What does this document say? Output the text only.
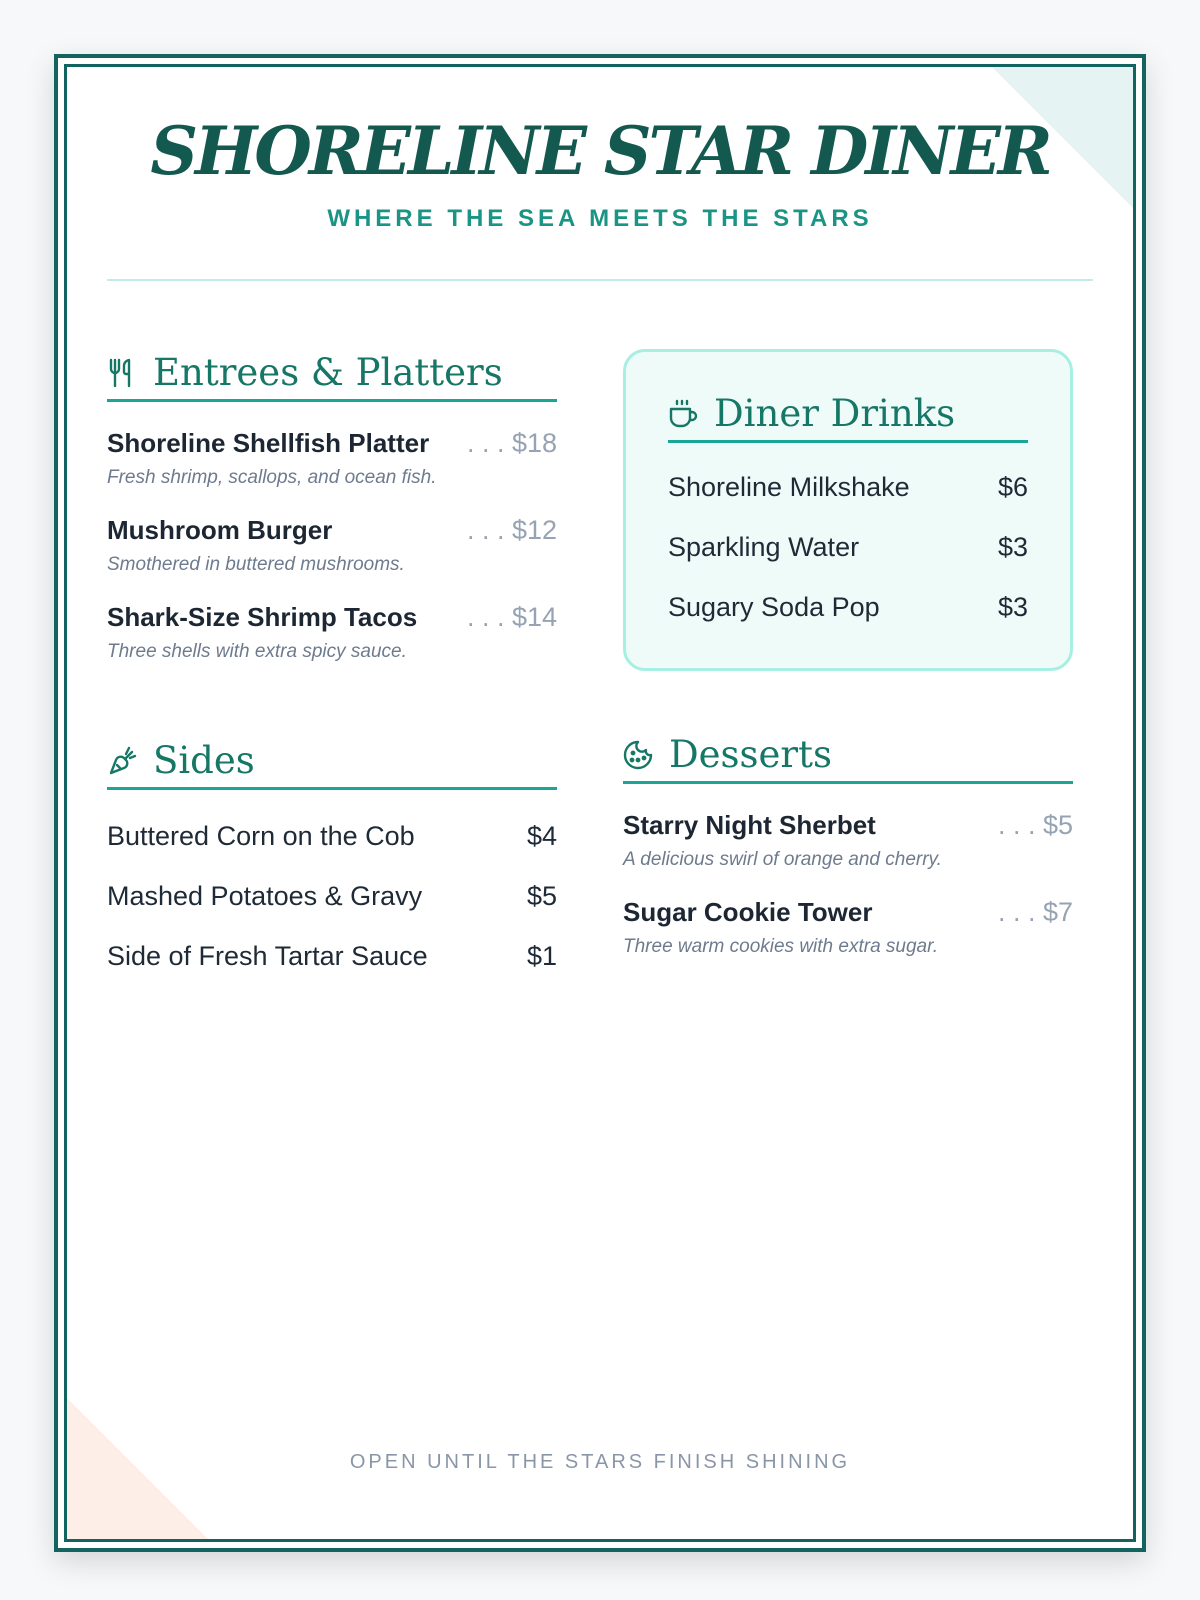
SHORELINE STAR DINER

WHERE THE SEA MEETS THE STARS

Entrees & Platters
Shoreline Shellfish Platter . . . $18
Fresh shrimp, scallops, and ocean fish.
Mushroom Burger	. . . $12
Smothered in buttered mushrooms.
Shark-Size Shrimp Tacos . . . $14
Three shells with extra spicy sauce.
Diner Drinks
Shoreline Milkshake	$6
Sparkling Water	$3
Sugary Soda Pop	$3
Sides
Buttered Corn on the Cob	$4
Mashed Potatoes & Gravy	$5
Side of Fresh Tartar Sauce	$1
Desserts
Starry Night Sherbet	. . . $5
A delicious swirl of orange and cherry.
Sugar Cookie Tower	. . . $7
Three warm cookies with extra sugar.
OPEN UNTIL THE STARS FINISH SHINING
